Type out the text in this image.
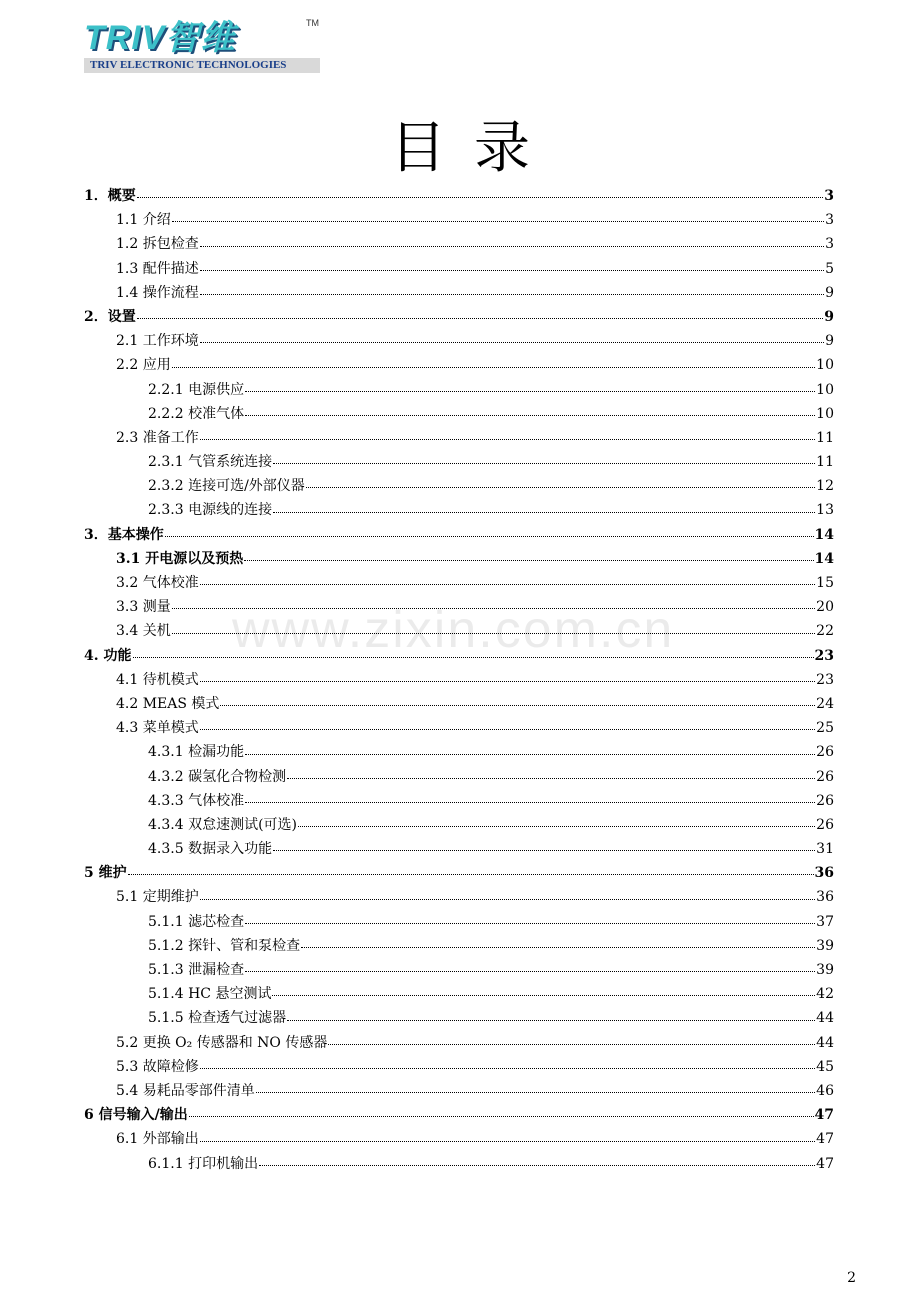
TRIV智维	TM
TRIV ELECTRONIC TECHNOLOGIES
目录
www.zixin.com.cn
1．概要	3
1.1 介绍	3
1.2 拆包检查	3
1.3 配件描述	5
1.4 操作流程	9
2．设置	9
2.1 工作环境	9
2.2 应用	10
2.2.1 电源供应	10
2.2.2 校准气体	10
2.3 准备工作	11
2.3.1 气管系统连接	11
2.3.2 连接可选/外部仪器	12
2.3.3 电源线的连接	13
3．基本操作	14
3.1 开电源以及预热	14
3.2 气体校准	15
3.3 测量	20
3.4 关机	22
4. 功能	23
4.1 待机模式	23
4.2 MEAS 模式	24
4.3 菜单模式	25
4.3.1 检漏功能	26
4.3.2 碳氢化合物检测	26
4.3.3 气体校准	26
4.3.4 双怠速测试(可选)	26
4.3.5 数据录入功能	31
5 维护	36
5.1 定期维护	36
5.1.1 滤芯检查	37
5.1.2 探针、管和泵检查	39
5.1.3 泄漏检查	39
5.1.4 HC 悬空测试	42
5.1.5 检查透气过滤器	44
5.2 更换 O₂ 传感器和 NO 传感器	44
5.3 故障检修	45
5.4 易耗品零部件清单	46
6 信号输入/输出	47
6.1 外部输出	47
6.1.1 打印机输出	47
2
